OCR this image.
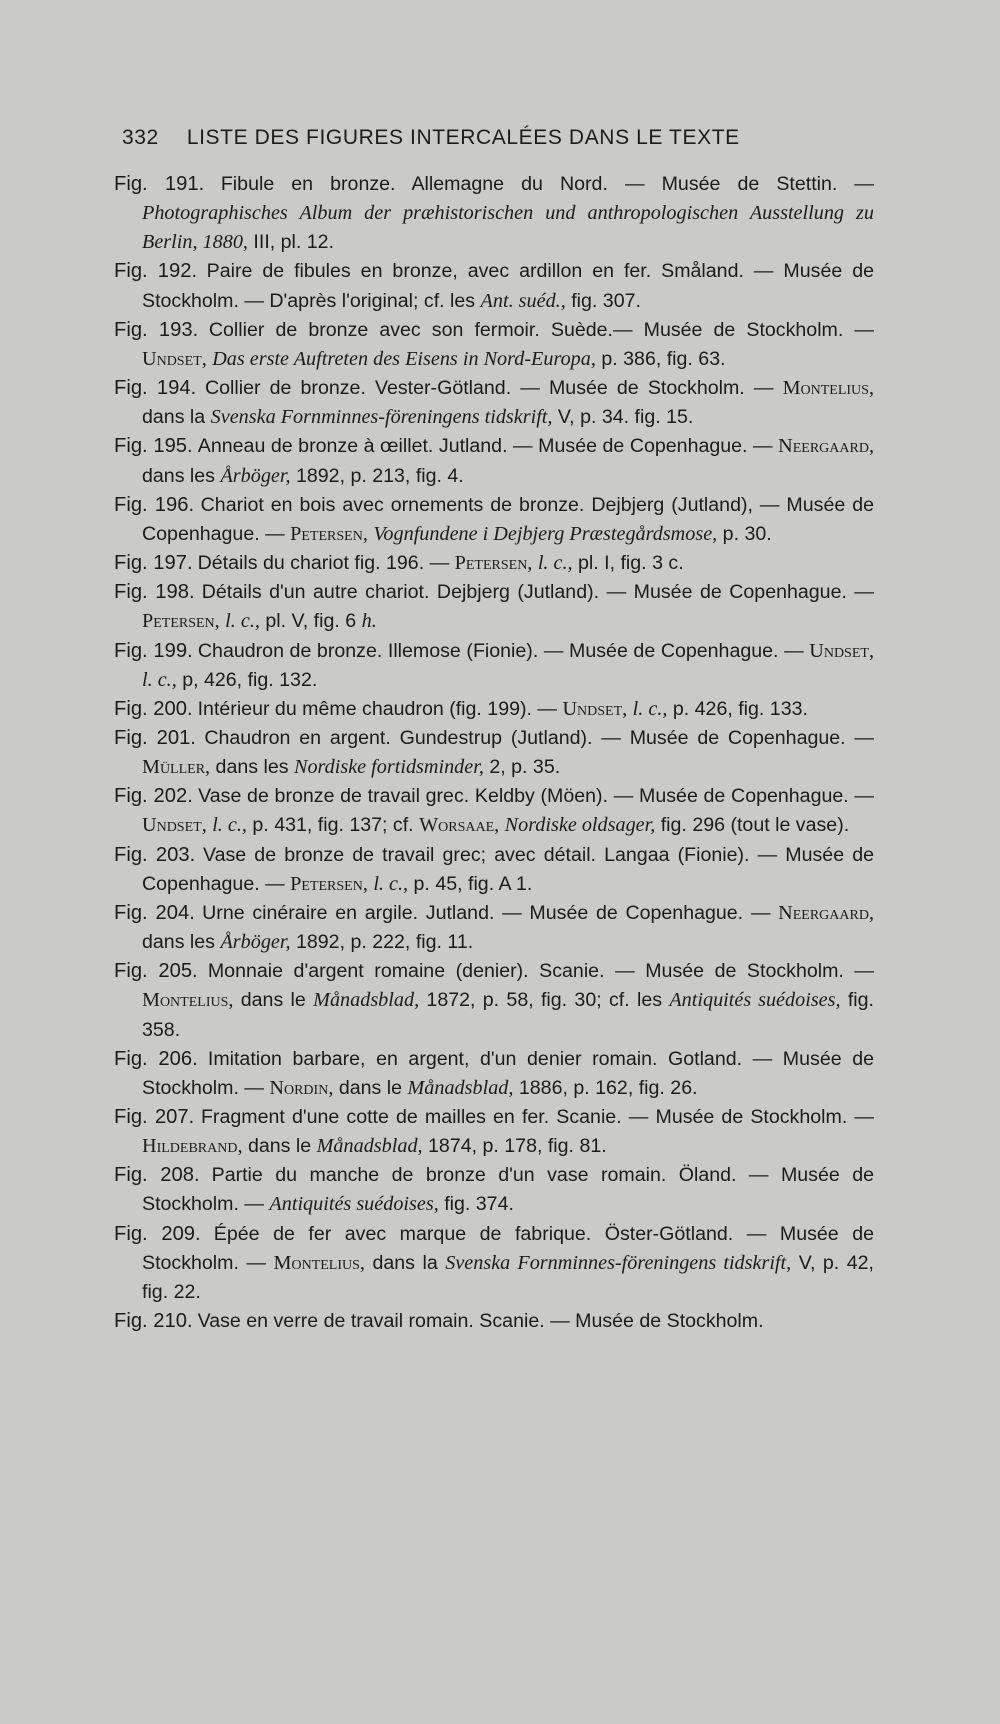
332 LISTE DES FIGURES INTERCALÉES DANS LE TEXTE

Fig. 191. Fibule en bronze. Allemagne du Nord. — Musée de Stettin. — Photographisches Album der præhistorischen und anthropologischen Ausstellung zu Berlin, 1880, III, pl. 12.

Fig. 192. Paire de fibules en bronze, avec ardillon en fer. Småland. — Musée de Stockholm. — D'après l'original; cf. les Ant. suéd., fig. 307.

Fig. 193. Collier de bronze avec son fermoir. Suède.— Musée de Stockholm. — Undset, Das erste Auftreten des Eisens in Nord-Europa, p. 386, fig. 63.

Fig. 194. Collier de bronze. Vester-Götland. — Musée de Stockholm. — Montelius, dans la Svenska Fornminnes-föreningens tidskrift, V, p. 34. fig. 15.

Fig. 195. Anneau de bronze à œillet. Jutland. — Musée de Copenhague. — Neergaard, dans les Årböger, 1892, p. 213, fig. 4.

Fig. 196. Chariot en bois avec ornements de bronze. Dejbjerg (Jutland), — Musée de Copenhague. — Petersen, Vognfundene i Dejbjerg Præstegårdsmose, p. 30.

Fig. 197. Détails du chariot fig. 196. — Petersen, l. c., pl. I, fig. 3 c.

Fig. 198. Détails d'un autre chariot. Dejbjerg (Jutland). — Musée de Copenhague. — Petersen, l. c., pl. V, fig. 6 h.

Fig. 199. Chaudron de bronze. Illemose (Fionie). — Musée de Copenhague. — Undset, l. c., p, 426, fig. 132.

Fig. 200. Intérieur du même chaudron (fig. 199). — Undset, l. c., p. 426, fig. 133.

Fig. 201. Chaudron en argent. Gundestrup (Jutland). — Musée de Copenhague. — Müller, dans les Nordiske fortidsminder, 2, p. 35.

Fig. 202. Vase de bronze de travail grec. Keldby (Möen). — Musée de Copenhague. — Undset, l. c., p. 431, fig. 137; cf. Worsaae, Nordiske oldsager, fig. 296 (tout le vase).

Fig. 203. Vase de bronze de travail grec; avec détail. Langaa (Fionie). — Musée de Copenhague. — Petersen, l. c., p. 45, fig. A 1.

Fig. 204. Urne cinéraire en argile. Jutland. — Musée de Copenhague. — Neergaard, dans les Årböger, 1892, p. 222, fig. 11.

Fig. 205. Monnaie d'argent romaine (denier). Scanie. — Musée de Stockholm. — Montelius, dans le Månadsblad, 1872, p. 58, fig. 30; cf. les Antiquités suédoises, fig. 358.

Fig. 206. Imitation barbare, en argent, d'un denier romain. Gotland. — Musée de Stockholm. — Nordin, dans le Månadsblad, 1886, p. 162, fig. 26.

Fig. 207. Fragment d'une cotte de mailles en fer. Scanie. — Musée de Stockholm. — Hildebrand, dans le Månadsblad, 1874, p. 178, fig. 81.

Fig. 208. Partie du manche de bronze d'un vase romain. Öland. — Musée de Stockholm. — Antiquités suédoises, fig. 374.

Fig. 209. Épée de fer avec marque de fabrique. Öster-Götland. — Musée de Stockholm. — Montelius, dans la Svenska Fornminnes-föreningens tidskrift, V, p. 42, fig. 22.

Fig. 210. Vase en verre de travail romain. Scanie. — Musée de Stockholm.
